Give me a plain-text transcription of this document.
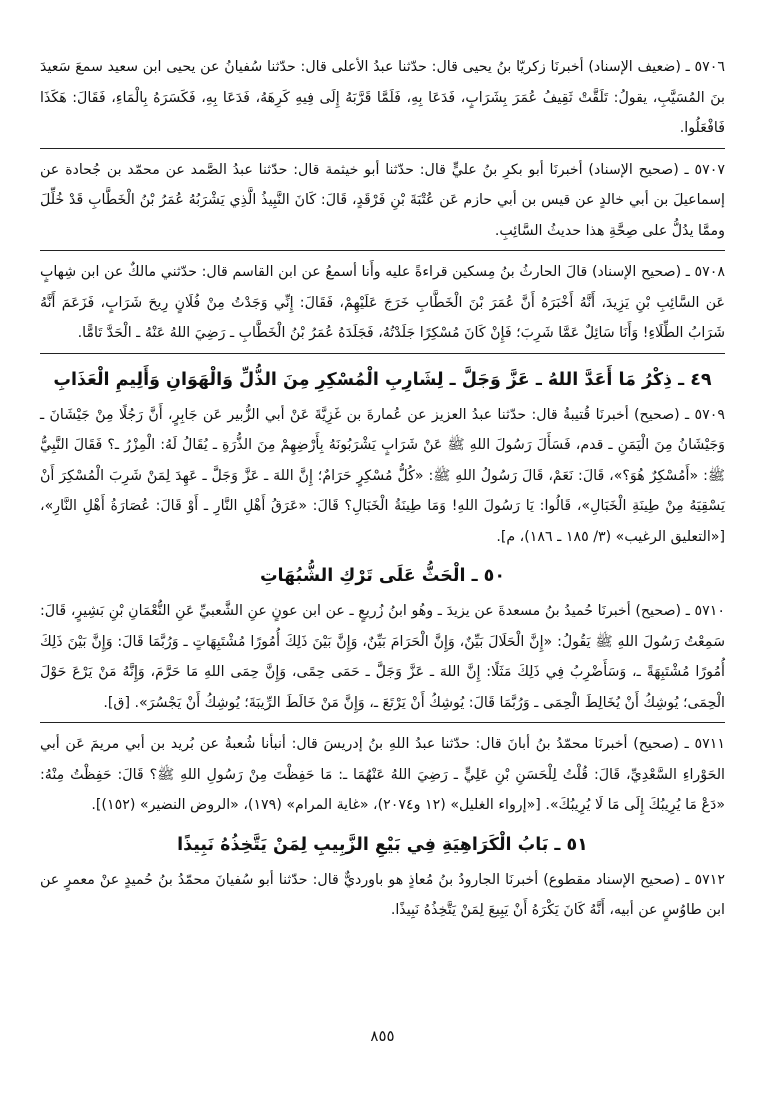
٥٧٠٦ ـ (ضعيف الإسناد) أخبرنَا زكريّا بنُ يحيى قال: حدّثنا عبدُ الأعلى قال: حدّثنا سُفيانُ عن يحيى ابن سعيد سمعَ سَعيدَ بنَ المُسَيَّبِ، يقولُ: تَلَقَّتْ ثَقِيفُ عُمَرَ بِشَرَابٍ، فَدَعَا بِهِ، فَلَمَّا قَرَّبَهُ إِلَى فِيهِ كَرِهَهُ، فَدَعَا بِهِ، فَكَسَرَهُ بِالْمَاءِ، فَقَالَ: هَكَذَا فَافْعَلُوا.

٥٧٠٧ ـ (صحيح الإسناد) أخبرنَا أبو بكرِ بنُ عليٍّ قال: حدّثنا أبو خيثمة قال: حدّثنا عبدُ الصَّمد عن محمّد بن جُحادة عن إسماعيلَ بن أبي خالدٍ عن قيس بن أبي حازم عَن عُتْبَةَ بْنِ فَرْقَدٍ، قَالَ: كَانَ النَّبِيذُ الَّذِي يَشْرَبُهُ عُمَرُ بْنُ الْخَطَّابِ قَدْ خُلِّلَ وممَّا يدُلُّ على صِحَّةِ هذا حديثُ السَّائِبِ.

٥٧٠٨ ـ (صحيح الإسناد) قالَ الحارثُ بنُ مِسكين قراءةً عليه وأَنا أسمعُ عن ابن القاسم قال: حدّثني مالكٌ عن ابن شِهابٍ عَن السَّائِبِ بْنِ يَزِيدَ، أَنَّهُ أَخْبَرَهُ أَنَّ عُمَرَ بْنَ الْخَطَّابِ خَرَجَ عَلَيْهِمْ، فَقَالَ: إِنِّي وَجَدْتُ مِنْ فُلَانٍ رِيحَ شَرَابٍ، فَزَعَمَ أَنَّهُ شَرَابُ الطِّلَاءِ! وَأَنَا سَائِلٌ عَمَّا شَرِبَ؛ فَإِنْ كَانَ مُسْكِرًا جَلَدْتُهُ، فَجَلَدَهُ عُمَرُ بْنُ الْخَطَّابِ ـ رَضِيَ اللهُ عَنْهُ ـ الْحَدَّ تَامًّا.

٤٩ ـ ذِكْرُ مَا أَعَدَّ اللهُ ـ عَزَّ وَجَلَّ ـ لِشَارِبِ الْمُسْكِرِ مِنَ الذُّلِّ وَالْهَوَانِ وَأَلِيمِ الْعَذَابِ

٥٧٠٩ ـ (صحيح) أخبرنَا قُتيبةُ قال: حدّثنا عبدُ العزيز عن عُمارةَ بن غَزِيَّةَ عَنْ أبي الزُّبير عَن جَابِرٍ، أَنَّ رَجُلًا مِنْ جَيْشَانَ ـ وَجَيْشَانُ مِنَ الْيَمَنِ ـ قدم، فَسَأَلَ رَسُولَ اللهِ ﷺ عَنْ شَرَابٍ يَشْرَبُونَهُ بِأَرْضِهِمْ مِنَ الذُّرَةِ ـ يُقَالُ لَهُ: الْمِزْرُ ـ؟ فَقَالَ النَّبِيُّ ﷺ: «أَمُسْكِرٌ هُوَ؟»، قَالَ: نَعَمْ، قَالَ رَسُولُ اللهِ ﷺ: «كُلُّ مُسْكِرٍ حَرَامٌ؛ إِنَّ اللهَ ـ عَزَّ وَجَلَّ ـ عَهِدَ لِمَنْ شَرِبَ الْمُسْكِرَ أَنْ يَسْقِيَهُ مِنْ طِينَةِ الْخَبَالِ»، قَالُوا: يَا رَسُولَ اللهِ! وَمَا طِينَةُ الْخَبَالِ؟ قَالَ: «عَرَقُ أَهْلِ النَّارِ ـ أَوْ قَالَ: عُصَارَةُ أَهْلِ النَّارِ»، [«التعليق الرغيب» (٣/ ١٨٥ ـ ١٨٦)، م].

٥٠ ـ الْحَثُّ عَلَى تَرْكِ الشُّبُهَاتِ

٥٧١٠ ـ (صحيح) أخبرنَا حُميدُ بنُ مسعدةَ عن يزيدَ ـ وهُو ابنُ زُريعٍ ـ عن ابن عونٍ عنِ الشَّعبيِّ عَنِ النُّعْمَانِ بْنِ بَشِيرٍ، قَالَ: سَمِعْتُ رَسُولَ اللهِ ﷺ يَقُولُ: «إِنَّ الْحَلَالَ بَيِّنٌ، وَإِنَّ الْحَرَامَ بَيِّنٌ، وَإِنَّ بَيْنَ ذَلِكَ أُمُورًا مُشْتَبِهَاتٍ ـ وَرُبَّمَا قَالَ: وَإِنَّ بَيْنَ ذَلِكَ أُمُورًا مُشْتَبِهَةً ـ، وَسَأَضْرِبُ فِي ذَلِكَ مَثَلًا: إِنَّ اللهَ ـ عَزَّ وَجَلَّ ـ حَمَى حِمًى، وَإِنَّ حِمَى اللهِ مَا حَرَّمَ، وَإِنَّهُ مَنْ يَرْعَ حَوْلَ الْحِمَى؛ يُوشِكُ أَنْ يُخَالِطَ الْحِمَى ـ وَرُبَّمَا قَالَ: يُوشِكُ أَنْ يَرْتَعَ ـ، وَإِنَّ مَنْ خَالَطَ الرِّيبَةَ؛ يُوشِكُ أَنْ يَجْسُرَ». [ق].

٥٧١١ ـ (صحيح) أخبرنَا محمّدُ بنُ أبانَ قال: حدّثنا عبدُ اللهِ بنُ إدريسَ قال: أنبأنا شُعبةُ عن بُريد بن أبي مريمَ عَن أبي الحَوْراءِ السَّعْدِيِّ، قَالَ: قُلْتُ لِلْحَسَنِ بْنِ عَلِيٍّ ـ رَضِيَ اللهُ عَنْهُمَا ـ: مَا حَفِظْتَ مِنْ رَسُولِ اللهِ ﷺ؟ قَالَ: حَفِظْتُ مِنْهُ: «دَعْ مَا يُرِيبُكَ إِلَى مَا لَا يُرِيبُكَ». [«إرواء الغليل» (١٢ و٢٠٧٤)، «غاية المرام» (١٧٩)، «الروض النضير» (١٥٢)].

٥١ ـ بَابُ الْكَرَاهِيَةِ فِي بَيْعِ الزَّبِيبِ لِمَنْ يَتَّخِذُهُ نَبِيذًا

٥٧١٢ ـ (صحيح الإسناد مقطوع) أخبرنَا الجارودُ بنُ مُعاذٍ هو باورديٌّ قال: حدّثنا أبو سُفيانَ محمّدُ بنُ حُميدٍ عنْ معمرٍ عن ابن طاوُسٍ عن أبيه، أَنَّهُ كَانَ يَكْرَهُ أَنْ يَبِيعَ لِمَنْ يَتَّخِذُهُ نَبِيذًا.

٨٥٥
